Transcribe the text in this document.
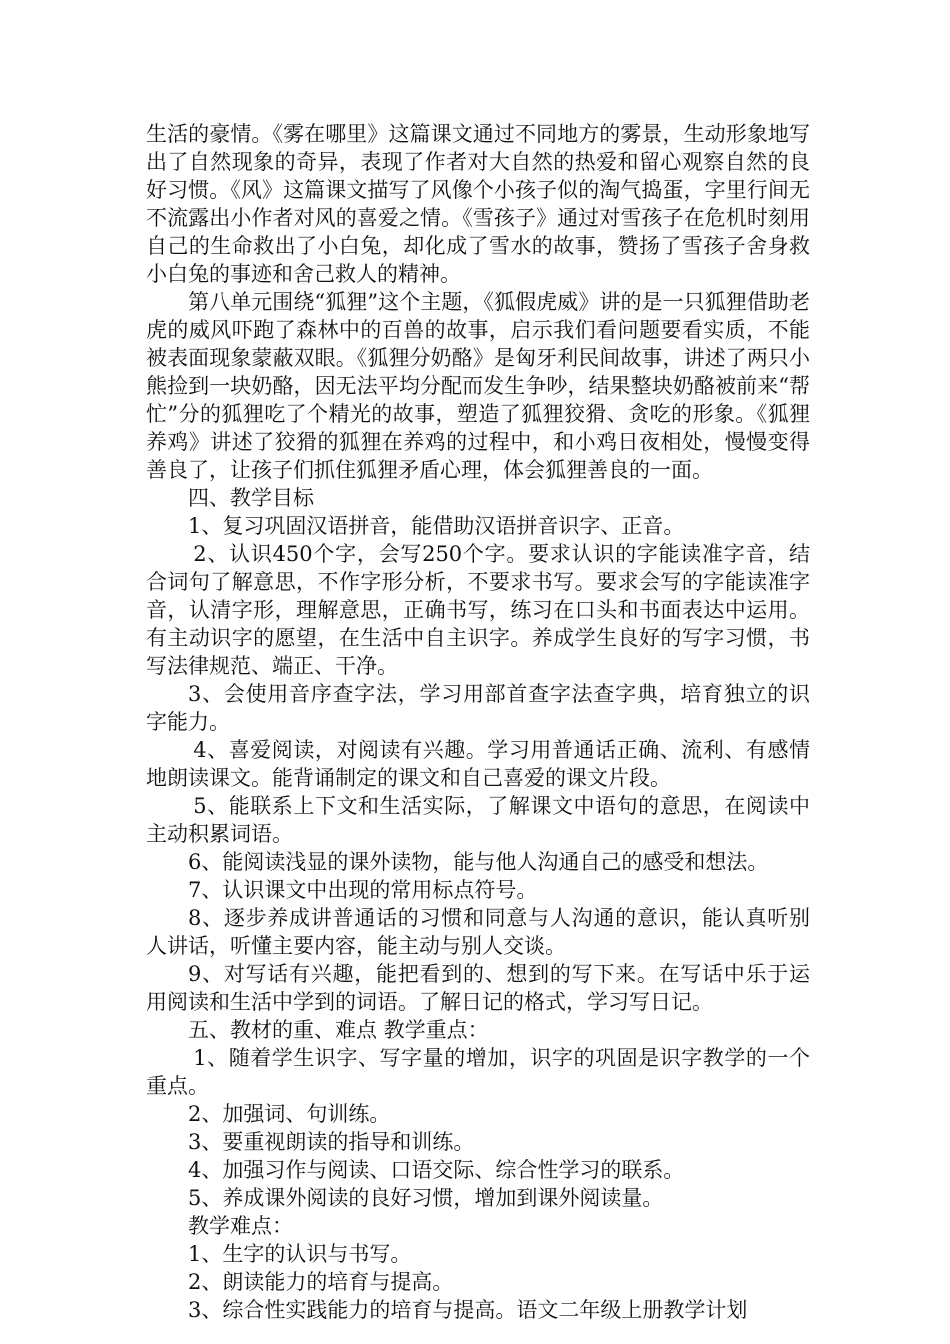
生活的豪情。《雾在哪里》这篇课文通过不同地方的雾景，生动形象地写出了自然现象的奇异，表现了作者对大自然的热爱和留心观察自然的良好习惯。《风》这篇课文描写了风像个小孩子似的淘气捣蛋，字里行间无不流露出小作者对风的喜爱之情。《雪孩子》通过对雪孩子在危机时刻用自己的生命救出了小白兔，却化成了雪水的故事，赞扬了雪孩子舍身救小白兔的事迹和舍己救人的精神。

第八单元围绕“狐狸”这个主题，《狐假虎威》讲的是一只狐狸借助老虎的威风吓跑了森林中的百兽的故事，启示我们看问题要看实质，不能被表面现象蒙蔽双眼。《狐狸分奶酪》是匈牙利民间故事，讲述了两只小熊捡到一块奶酪，因无法平均分配而发生争吵，结果整块奶酪被前来“帮忙”分的狐狸吃了个精光的故事，塑造了狐狸狡猾、贪吃的形象。《狐狸养鸡》讲述了狡猾的狐狸在养鸡的过程中，和小鸡日夜相处，慢慢变得善良了，让孩子们抓住狐狸矛盾心理，体会狐狸善良的一面。

四、教学目标

1、复习巩固汉语拼音，能借助汉语拼音识字、正音。

2、认识450个字，会写250个字。要求认识的字能读准字音，结合词句了解意思，不作字形分析，不要求书写。要求会写的字能读准字音，认清字形，理解意思，正确书写，练习在口头和书面表达中运用。有主动识字的愿望，在生活中自主识字。养成学生良好的写字习惯，书写法律规范、端正、干净。

3、会使用音序查字法，学习用部首查字法查字典，培育独立的识字能力。

4、喜爱阅读，对阅读有兴趣。学习用普通话正确、流利、有感情地朗读课文。能背诵制定的课文和自己喜爱的课文片段。

5、能联系上下文和生活实际，了解课文中语句的意思，在阅读中主动积累词语。

6、能阅读浅显的课外读物，能与他人沟通自己的感受和想法。

7、认识课文中出现的常用标点符号。

8、逐步养成讲普通话的习惯和同意与人沟通的意识，能认真听别人讲话，听懂主要内容，能主动与别人交谈。

9、对写话有兴趣，能把看到的、想到的写下来。在写话中乐于运用阅读和生活中学到的词语。了解日记的格式，学习写日记。

五、教材的重、难点 教学重点：

1、随着学生识字、写字量的增加，识字的巩固是识字教学的一个重点。

2、加强词、句训练。

3、要重视朗读的指导和训练。

4、加强习作与阅读、口语交际、综合性学习的联系。

5、养成课外阅读的良好习惯，增加到课外阅读量。

教学难点：

1、生字的认识与书写。

2、朗读能力的培育与提高。

3、综合性实践能力的培育与提高。语文二年级上册教学计划
